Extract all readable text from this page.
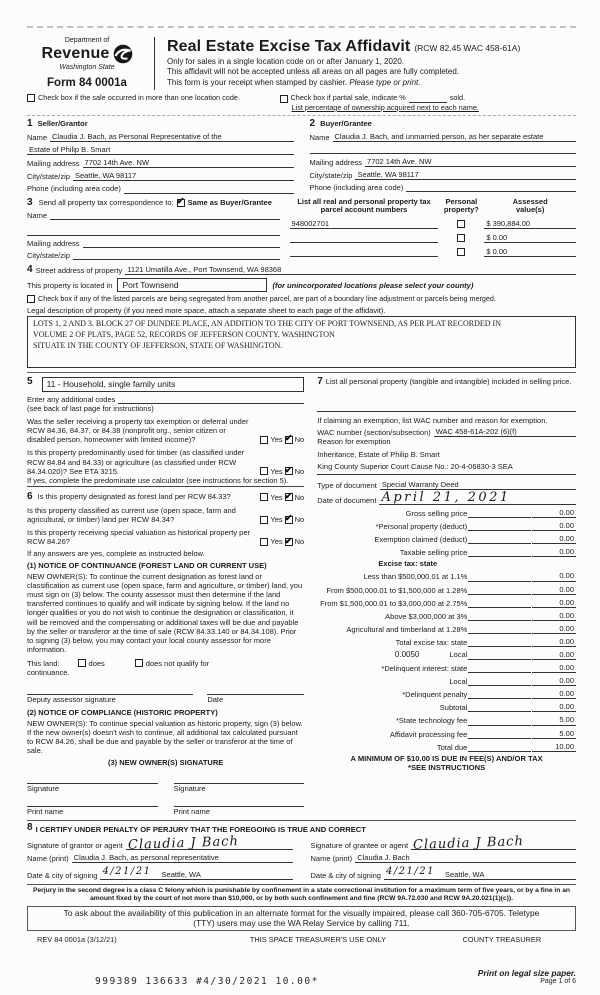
Department of
Revenue
Washington State
Form 84 0001a
Real Estate Excise Tax Affidavit (RCW 82.45 WAC 458-61A)
Only for sales in a single location code on or after January 1, 2020.
This affidavit will not be accepted unless all areas on all pages are fully completed.
This form is your receipt when stamped by cashier. Please type or print.
Check box if the sale occurred in more than one location code.	Check box if partial sale, indicate %	sold.
List percentage of ownership acquired next to each name.
1 Seller/Grantor
Name Claudia J. Bach, as Personal Representative of the
Estate of Philip B. Smart
Mailing address 7702 14th Ave. NW
City/state/zip Seattle, WA 98117
Phone (including area code)
2 Buyer/Grantee
Name Claudia J. Bach, and unmarried person, as her separate estate
Mailing address 7702 14th Ave. NW
City/state/zip Seattle, WA 98117
Phone (including area code)
3 Send all property tax correspondence to:
✔ Same as Buyer/Grantee
Name
Mailing address
City/state/zip
List all real and personal property tax
parcel account numbers
Personal
property?
Assessed
value(s)
948002701	$ 390,884.00
$ 0.00
$ 0.00
4 Street address of property 1121 Umatilla Ave., Port Townsend, WA 98368
This property is located in	Port Townsend	(for unincorporated locations please select your county)
Check box if any of the listed parcels are being segregated from another parcel, are part of a boundary line adjustment or parcels being merged.
Legal description of property (if you need more space, attach a separate sheet to each page of the affidavit).
LOTS 1, 2 AND 3. BLOCK 27 OF DUNDEE PLACE, AN ADDITION TO THE CITY OF PORT TOWNSEND, AS PER PLAT RECORDED IN
VOLUME 2 OF PLATS, PAGE 52, RECORDS OF JEFFERSON COUNTY, WASHINGTON
SITUATE IN THE COUNTY OF JEFFERSON, STATE OF WASHINGTON.
5	11 - Household, single family units
Enter any additional codes
(see back of last page for instructions)
Was the seller receiving a property tax exemption or deferral under RCW 84.36, 84.37, or 84.38 (nonprofit org., senior citizen or disabled person, homeowner with limited income)?	Yes ✔ No
Is this property predominantly used for timber (as classified under RCW 84.84 and 84.33) or agriculture (as classified under RCW 84.34.020)? See ETA 3215.	Yes ✔ No
If yes, complete the predominate use calculator (see instructions for section 5).
6 Is this property designated as forest land per RCW 84.33?	Yes ✔ No
Is this property classified as current use (open space, farm and agricultural, or timber) land per RCW 84.34?	Yes ✔ No
Is this property receiving special valuation as historical property per RCW 84.26?	Yes ✔ No
If any answers are yes, complete as instructed below.
(1) NOTICE OF CONTINUANCE (FOREST LAND OR CURRENT USE)
NEW OWNER(S): To continue the current designation as forest land or classification as current use (open space, farm and agriculture, or timber) land, you must sign on (3) below. The county assessor must then determine if the land transferred continues to qualify and will indicate by signing below. If the land no longer qualifies or you do not wish to continue the designation or classification, it will be removed and the compensating or additional taxes will be due and payable by the seller or transferor at the time of sale (RCW 84.33.140 or 84.34.108). Prior to signing (3) below, you may contact your local county assessor for more information.
This land:	does	does not qualify for
continuance.
Deputy assessor signature	Date
(2) NOTICE OF COMPLIANCE (HISTORIC PROPERTY)
NEW OWNER(S): To continue special valuation as historic property, sign (3) below. If the new owner(s) doesn't wish to continue, all additional tax calculated pursuant to RCW 84.26, shall be due and payable by the seller or transferor at the time of sale.
(3) NEW OWNER(S) SIGNATURE
Signature	Signature
Print name	Print name
7 List all personal property (tangible and intangible) included in selling price.
If claiming an exemption, list WAC number and reason for exemption.
WAC number (section/subsection) WAC 458-61A-202 (6)(f)
Reason for exemption
Inheritance, Estate of Philip B. Smart
King County Superior Court Cause No.: 20-4-06830-3 SEA
Type of document Special Warranty Deed
Date of document April 21, 2021
Gross selling price	0.00
*Personal property (deduct)	0.00
Exemption claimed (deduct)	0.00
Taxable selling price	0.00
Excise tax: state
Less than $500,000.01 at 1.1%	0.00
From $500,000.01 to $1,500,000 at 1.28%	0.00
From $1,500,000.01 to $3,000,000 at 2.75%	0.00
Above $3,000,000 at 3%	0.00
Agricultural and timberland at 1.28%	0.00
Total excise tax: state	0.00
0.0050	Local	0.00
*Delinquent interest: state	0.00
Local	0.00
*Delinquent penalty	0.00
Subtotal	0.00
*State technology fee	5.00
Affidavit processing fee	5.00
Total due	10.00
A MINIMUM OF $10.00 IS DUE IN FEE(S) AND/OR TAX
*SEE INSTRUCTIONS
8 I CERTIFY UNDER PENALTY OF PERJURY THAT THE FOREGOING IS TRUE AND CORRECT
Signature of grantor or agent Claudia J Bach
Name (print) Claudia J. Bach, as personal representative
Date & city of signing 4/21/21 Seattle, WA
Signature of grantee or agent Claudia J Bach
Name (print) Claudia J. Bach
Date & city of signing 4/21/21 Seattle, WA
Perjury in the second degree is a class C felony which is punishable by confinement in a state correctional institution for a maximum term of five years, or by a fine in an amount fixed by the court of not more than $10,000, or by both such confinement and fine (RCW 9A.72.030 and RCW 9A.20.021(1)(c)).
To ask about the availability of this publication in an alternate format for the visually impaired, please call 360-705-6705. Teletype (TTY) users may use the WA Relay Service by calling 711.
REV 84 0001a (3/12/21)	THIS SPACE TREASURER'S USE ONLY	COUNTY TREASURER
999389 136633 #4/30/2021 10.00*
Print on legal size paper.
Page 1 of 6
